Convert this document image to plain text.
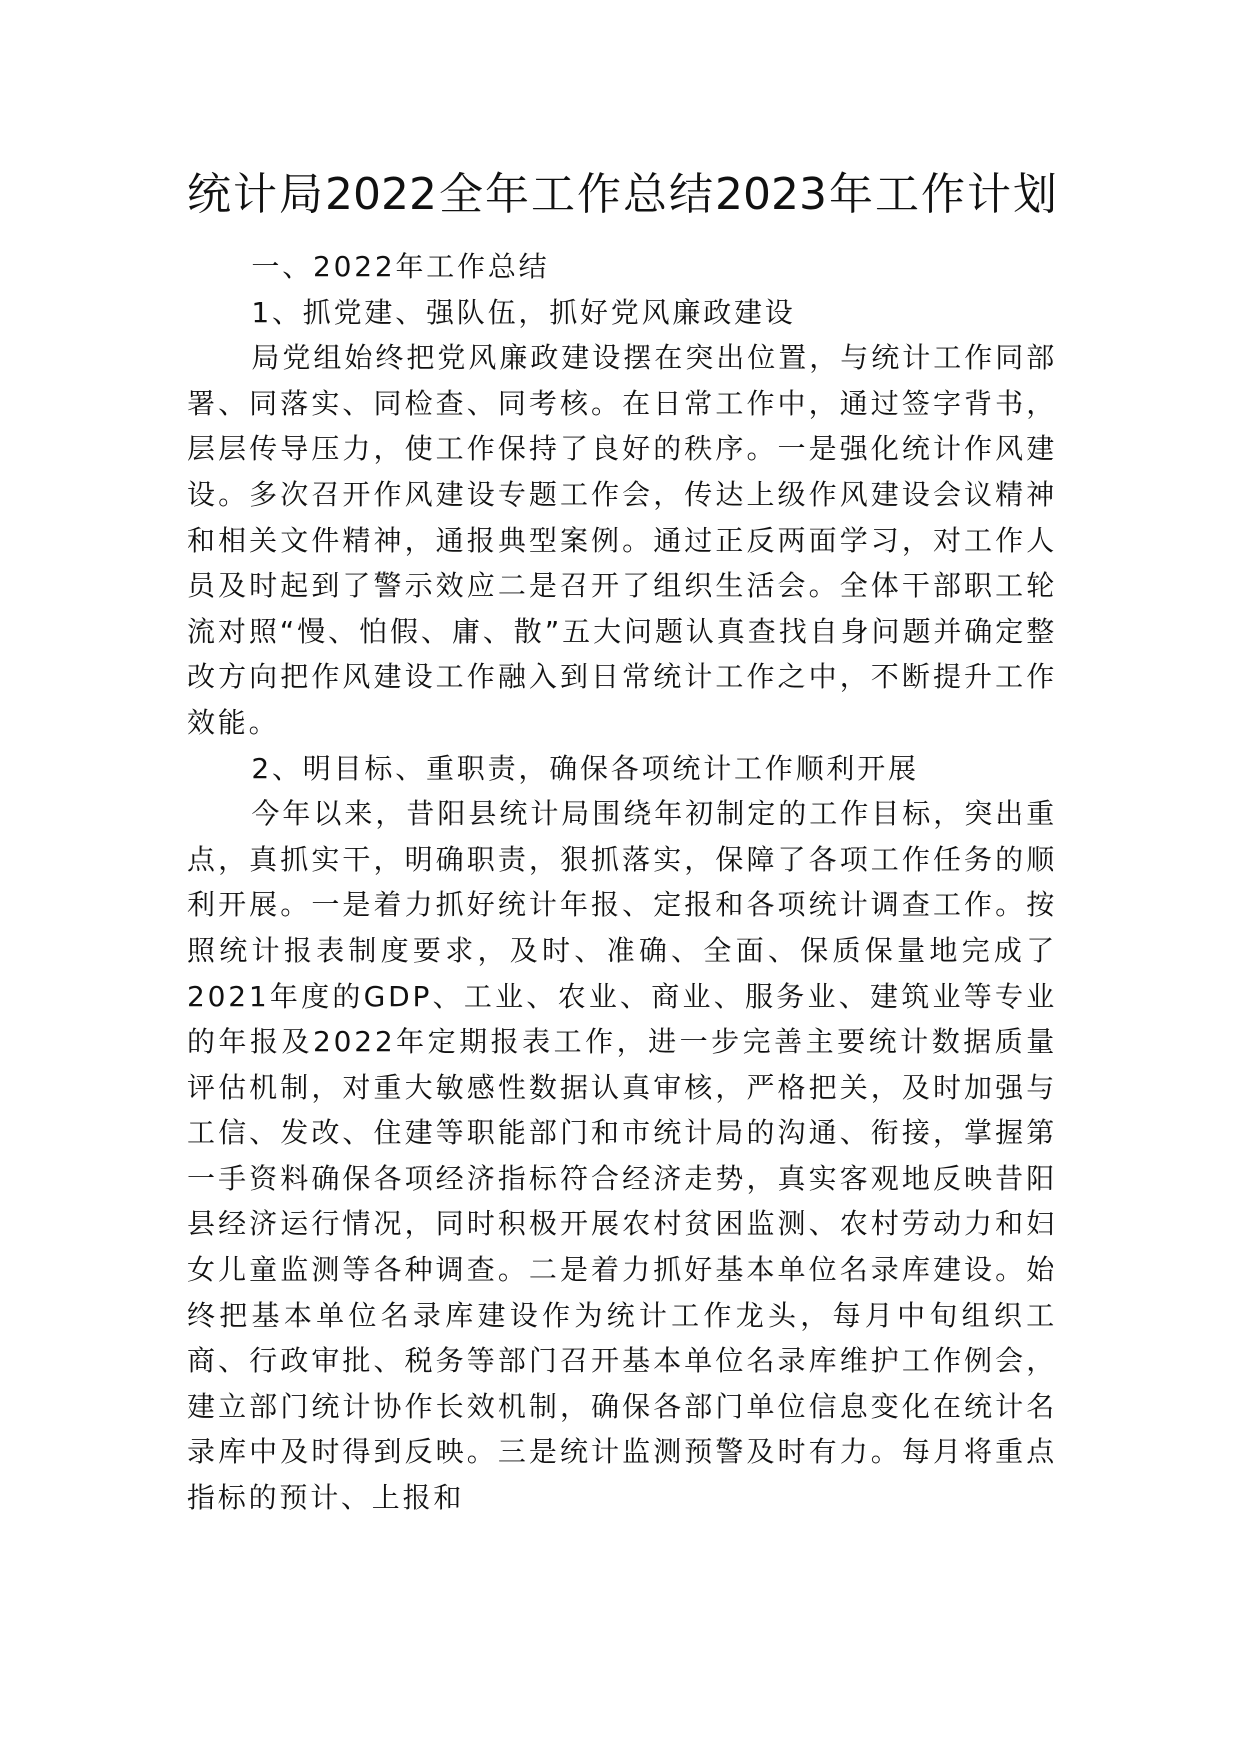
统计局2022全年工作总结2023年工作计划

一、2022年工作总结

1、抓党建、强队伍，抓好党风廉政建设

局党组始终把党风廉政建设摆在突出位置，与统计工作同部署、同落实、同检查、同考核。在日常工作中，通过签字背书，层层传导压力，使工作保持了良好的秩序。一是强化统计作风建设。多次召开作风建设专题工作会，传达上级作风建设会议精神和相关文件精神，通报典型案例。通过正反两面学习，对工作人员及时起到了警示效应二是召开了组织生活会。全体干部职工轮流对照“慢、怕假、庸、散”五大问题认真查找自身问题并确定整改方向把作风建设工作融入到日常统计工作之中，不断提升工作效能。

2、明目标、重职责，确保各项统计工作顺利开展

今年以来，昔阳县统计局围绕年初制定的工作目标，突出重点，真抓实干，明确职责，狠抓落实，保障了各项工作任务的顺利开展。一是着力抓好统计年报、定报和各项统计调查工作。按照统计报表制度要求，及时、准确、全面、保质保量地完成了2021年度的GDP、工业、农业、商业、服务业、建筑业等专业的年报及2022年定期报表工作，进一步完善主要统计数据质量评估机制，对重大敏感性数据认真审核，严格把关，及时加强与工信、发改、住建等职能部门和市统计局的沟通、衔接，掌握第一手资料确保各项经济指标符合经济走势，真实客观地反映昔阳县经济运行情况，同时积极开展农村贫困监测、农村劳动力和妇女儿童监测等各种调查。二是着力抓好基本单位名录库建设。始终把基本单位名录库建设作为统计工作龙头，每月中旬组织工商、行政审批、税务等部门召开基本单位名录库维护工作例会，建立部门统计协作长效机制，确保各部门单位信息变化在统计名录库中及时得到反映。三是统计监测预警及时有力。每月将重点指标的预计、上报和
